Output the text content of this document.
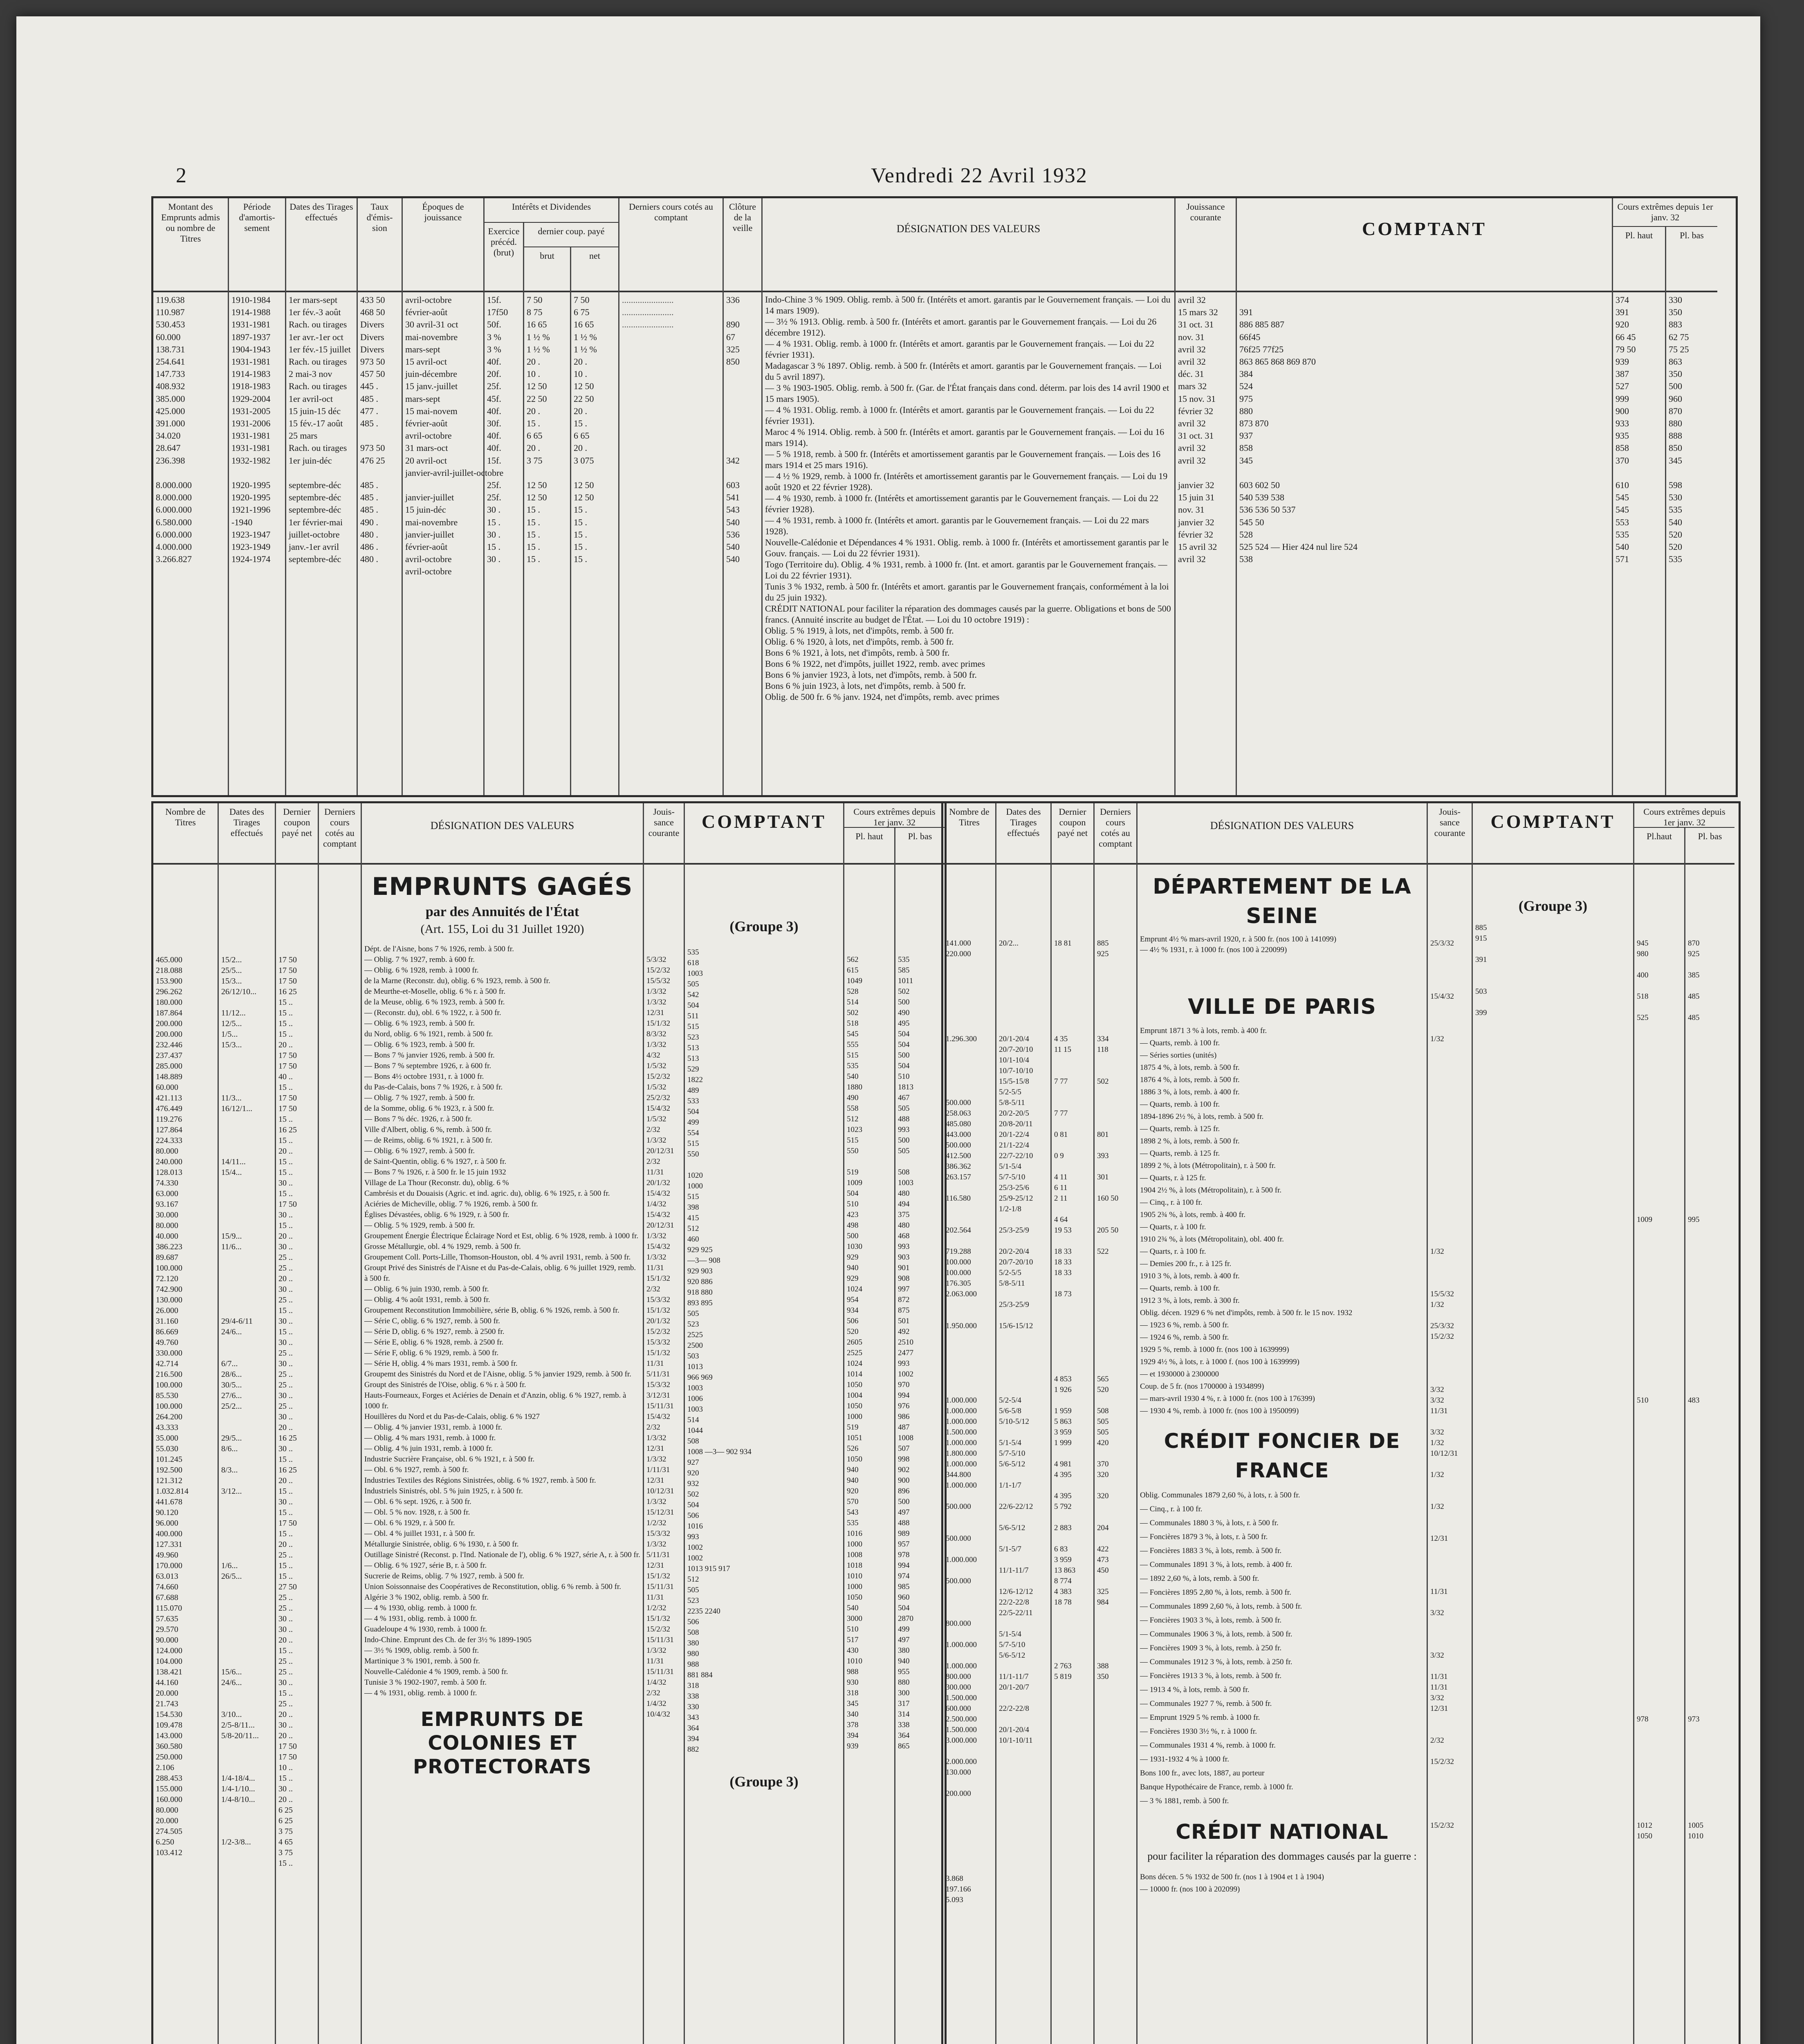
2	Vendredi 22 Avril 1932
Montant des Emprunts admis ou nombre de Titres
119.638
110.987
530.453
60.000
138.731
254.641
147.733
408.932
385.000
425.000
391.000
34.020
28.647
236.398

8.000.000
8.000.000
6.000.000
6.580.000
6.000.000
4.000.000
3.266.827
Période d'amortis-sement
1910-1984
1914-1988
1931-1981
1897-1937
1904-1943
1931-1981
1914-1983
1918-1983
1929-2004
1931-2005
1931-2006
1931-1981
1931-1981
1932-1982

1920-1995
1920-1995
1921-1996
-1940
1923-1947
1923-1949
1924-1974
Dates des Tirages effectués
1er mars-sept
1er fév.-3 août
Rach. ou tirages
1er avr.-1er oct
1er fév.-15 juillet
Rach. ou tirages
2 mai-3 nov
Rach. ou tirages
1er avril-oct
15 juin-15 déc
15 fév.-17 août
25 mars
Rach. ou tirages
1er juin-déc

septembre-déc
septembre-déc
septembre-déc
1er février-mai
juillet-octobre
janv.-1er avril
septembre-déc
Taux d'émis-sion
433 50
468 50
Divers
Divers
Divers
973 50
457 50
445 .
485 .
477 .
485 .

973 50
476 25

485 .
485 .
485 .
490 .
480 .
486 .
480 .
Époques de jouissance
avril-octobre
février-août
30 avril-31 oct
mai-novembre
mars-sept
15 avril-oct
juin-décembre
15 janv.-juillet
mars-sept
15 mai-novem
février-août
avril-octobre
31 mars-oct
20 avril-oct
janvier-avril-juillet-octobre

janvier-juillet
15 juin-déc
mai-novembre
janvier-juillet
février-août
avril-octobre
avril-octobre
Intérêts et Dividendes
Exercice précéd. (brut)
15f.
17f50
50f.
3 %
3 %
40f.
20f.
25f.
45f.
40f.
30f.
40f.
40f.
15f.

25f.
25f.
30 .
15 .
30 .
15 .
30 .
dernier coup. payé
brut
7 50
8 75
16 65
1 ½ %
1 ½ %
20 .
10 .
12 50
22 50
20 .
15 .
6 65
20 .
3 75

12 50
12 50
15 .
15 .
15 .
15 .
15 .
net
7 50
6 75
16 65
1 ½ %
1 ½ %
20 .
10 .
12 50
22 50
20 .
15 .
6 65
20 .
3 075

12 50
12 50
15 .
15 .
15 .
15 .
15 .
Derniers cours cotés au comptant
.......................
.......................
.......................
Clôture de la veille
336

890
67
325
850

342

603
541
543
540
536
540
540
DÉSIGNATION DES VALEURS
Indo-Chine 3 % 1909. Oblig. remb. à 500 fr. (Intérêts et amort. garantis par le Gouvernement français. — Loi du 14 mars 1909).
— 3½ % 1913. Oblig. remb. à 500 fr. (Intérêts et amort. garantis par le Gouvernement français. — Loi du 26 décembre 1912).
— 4 % 1931. Oblig. remb. à 1000 fr. (Intérêts et amort. garantis par le Gouvernement français. — Loi du 22 février 1931).
Madagascar 3 % 1897. Oblig. remb. à 500 fr. (Intérêts et amort. garantis par le Gouvernement français. — Loi du 5 avril 1897).
— 3 % 1903-1905. Oblig. remb. à 500 fr. (Gar. de l'État français dans cond. déterm. par lois des 14 avril 1900 et 15 mars 1905).
— 4 % 1931. Oblig. remb. à 1000 fr. (Intérêts et amort. garantis par le Gouvernement français. — Loi du 22 février 1931).
Maroc 4 % 1914. Oblig. remb. à 500 fr. (Intérêts et amort. garantis par le Gouvernement français. — Loi du 16 mars 1914).
— 5 % 1918, remb. à 500 fr. (Intérêts et amortissement garantis par le Gouvernement français. — Lois des 16 mars 1914 et 25 mars 1916).
— 4 ½ % 1929, remb. à 1000 fr. (Intérêts et amortissement garantis par le Gouvernement français. — Loi du 19 août 1920 et 22 février 1928).
— 4 % 1930, remb. à 1000 fr. (Intérêts et amortissement garantis par le Gouvernement français. — Loi du 22 février 1928).
— 4 % 1931, remb. à 1000 fr. (Intérêts et amort. garantis par le Gouvernement français. — Loi du 22 mars 1928).
Nouvelle-Calédonie et Dépendances 4 % 1931. Oblig. remb. à 1000 fr. (Intérêts et amortissement garantis par le Gouv. français. — Loi du 22 février 1931).
Togo (Territoire du). Oblig. 4 % 1931, remb. à 1000 fr. (Int. et amort. garantis par le Gouvernement français. — Loi du 22 février 1931).
Tunis 3 % 1932, remb. à 500 fr. (Intérêts et amort. garantis par le Gouvernement français, conformément à la loi du 25 juin 1932).
CRÉDIT NATIONAL pour faciliter la réparation des dommages causés par la guerre. Obligations et bons de 500 francs. (Annuité inscrite au budget de l'État. — Loi du 10 octobre 1919) :
Oblig. 5 % 1919, à lots, net d'impôts, remb. à 500 fr.
Oblig. 6 % 1920, à lots, net d'impôts, remb. à 500 fr.
Bons 6 % 1921, à lots, net d'impôts, remb. à 500 fr.
Bons 6 % 1922, net d'impôts, juillet 1922, remb. avec primes
Bons 6 % janvier 1923, à lots, net d'impôts, remb. à 500 fr.
Bons 6 % juin 1923, à lots, net d'impôts, remb. à 500 fr.
Oblig. de 500 fr. 6 % janv. 1924, net d'impôts, remb. avec primes
Jouissance courante
avril 32
15 mars 32
31 oct. 31
nov. 31
avril 32
avril 32
déc. 31
mars 32
15 nov. 31
février 32
avril 32
31 oct. 31
avril 32
avril 32

janvier 32
15 juin 31
nov. 31
janvier 32
février 32
15 avril 32
avril 32
COMPTANT

391
886 885 887
66f45
76f25 77f25
863 865 868 869 870
384
524
975
880
873 870
937
858
345

603 602 50
540 539 538
536 536 50 537
545 50
528
525 524 — Hier 424 nul lire 524
538
Cours extrêmes depuis 1er janv. 32
Pl. haut
374
391
920
66 45
79 50
939
387
527
999
900
933
935
858
370

610
545
545
553
535
540
571
Pl. bas
330
350
883
62 75
75 25
863
350
500
960
870
880
888
850
345

598
530
535
540
520
520
535
Nombre de Titres
465.000
218.088
153.900
296.262
180.000
187.864
200.000
200.000
232.446
237.437
285.000
148.889
60.000
421.113
476.449
119.276
127.864
224.333
80.000
240.000
128.013
74.330
63.000
93.167
30.000
80.000
40.000
386.223
89.687
100.000
72.120
742.900
130.000
26.000
31.160
86.669
49.760
330.000
42.714
216.500
100.000
85.530
100.000
264.200
43.333
35.000
55.030
101.245
192.500
121.312
1.032.814
441.678
90.120
96.000
400.000
127.331
49.960
170.000
63.013
74.660
67.688
115.070
57.635
29.570
90.000
124.000
104.000
138.421
44.160
20.000
21.743
154.530
109.478
143.000
360.580
250.000
2.106
288.453
155.000
160.000
80.000
20.000
274.505
6.250
103.412
Dates des Tirages effectués
15/2...
25/5...
15/3...
26/12/10...

11/12...
12/5...
1/5...
15/3...

11/3...
16/12/1...

14/11...
15/4...

15/9...
11/6...

29/4-6/11
24/6...

6/7...
28/6...
30/5...
27/6...
25/2...

29/5...
8/6...

8/3...

3/12...

1/6...
26/5...

15/6...
24/6...

3/10...
2/5-8/11...
5/8-20/11...

1/4-18/4...
1/4-1/10...
1/4-8/10...

1/2-3/8...

Dernier coupon payé net
17 50
17 50
17 50
16 25
15 ..
15 ..
15 ..
15 ..
20 ..
17 50
17 50
40 ..
15 ..
17 50
17 50
15 ..
16 25
15 ..
20 ..
15 ..
15 ..
30 ..
15 ..
17 50
30 ..
15 ..
20 ..
30 ..
25 ..
25 ..
20 ..
30 ..
25 ..
15 ..
30 ..
15 ..
30 ..
25 ..
30 ..
25 ..
25 ..
30 ..
25 ..
30 ..
20 ..
16 25
30 ..
15 ..
16 25
20 ..
15 ..
30 ..
15 ..
17 50
15 ..
20 ..
25 ..
15 ..
15 ..
27 50
25 ..
25 ..
30 ..
30 ..
20 ..
15 ..
25 ..
25 ..
30 ..
15 ..
25 ..
20 ..
30 ..
20 ..
17 50
17 50
10 ..
15 ..
30 ..
20 ..
6 25
6 25
3 75
4 65
3 75
15 ..
Derniers cours cotés au comptant
DÉSIGNATION DES VALEURS
EMPRUNTS GAGÉS
par des Annuités de l'État
(Art. 155, Loi du 31 Juillet 1920)
Dépt. de l'Aisne, bons 7 % 1926, remb. à 500 fr.
— Oblig. 7 % 1927, remb. à 600 fr.
— Oblig. 6 % 1928, remb. à 1000 fr.
de la Marne (Reconstr. du), oblig. 6 % 1923, remb. à 500 fr.
de Meurthe-et-Moselle, oblig. 6 % r. à 500 fr.
de la Meuse, oblig. 6 % 1923, remb. à 500 fr.
— (Reconstr. du), obl. 6 % 1922, r. à 500 fr.
— Oblig. 6 % 1923, remb. à 500 fr.
du Nord, oblig. 6 % 1921, remb. à 500 fr.
— Oblig. 6 % 1923, remb. à 500 fr.
— Bons 7 % janvier 1926, remb. à 500 fr.
— Bons 7 % septembre 1926, r. à 600 fr.
— Bons 4½ octobre 1931, r. à 1000 fr.
du Pas-de-Calais, bons 7 % 1926, r. à 500 fr.
— Oblig. 7 % 1927, remb. à 500 fr.
de la Somme, oblig. 6 % 1923, r. à 500 fr.
— Bons 7 % déc. 1926, r. à 500 fr.
Ville d'Albert, oblig. 6 %, remb. à 500 fr.
— de Reims, oblig. 6 % 1921, r. à 500 fr.
— Oblig. 6 % 1927, remb. à 500 fr.
de Saint-Quentin, oblig. 6 % 1927, r. à 500 fr.
— Bons 7 % 1926, r. à 500 fr. le 15 juin 1932
Village de La Thour (Reconstr. du), oblig. 6 %
Cambrésis et du Douaisis (Agric. et ind. agric. du), oblig. 6 % 1925, r. à 500 fr.
Aciéries de Micheville, oblig. 7 % 1926, remb. à 500 fr.
Églises Dévastées, oblig. 6 % 1929, r. à 500 fr.
— Oblig. 5 % 1929, remb. à 500 fr.
Groupement Énergie Électrique Éclairage Nord et Est, oblig. 6 % 1928, remb. à 1000 fr.
Grosse Métallurgie, obl. 4 % 1929, remb. à 500 fr.
Groupement Coll. Ports-Lille, Thomson-Houston, obl. 4 % avril 1931, remb. à 500 fr.
Groupt Privé des Sinistrés de l'Aisne et du Pas-de-Calais, oblig. 6 % juillet 1929, remb. à 500 fr.
— Oblig. 6 % juin 1930, remb. à 500 fr.
— Oblig. 4 % août 1931, remb. à 500 fr.
Groupement Reconstitution Immobilière, série B, oblig. 6 % 1926, remb. à 500 fr.
— Série C, oblig. 6 % 1927, remb. à 500 fr.
— Série D, oblig. 6 % 1927, remb. à 2500 fr.
— Série E, oblig. 6 % 1928, remb. à 2500 fr.
— Série F, oblig. 6 % 1929, remb. à 500 fr.
— Série H, oblig. 4 % mars 1931, remb. à 500 fr.
Groupemt des Sinistrés du Nord et de l'Aisne, oblig. 5 % janvier 1929, remb. à 500 fr.
Groupt des Sinistrés de l'Oise, oblig. 6 % r. à 500 fr.
Hauts-Fourneaux, Forges et Aciéries de Denain et d'Anzin, oblig. 6 % 1927, remb. à 1000 fr.
Houillères du Nord et du Pas-de-Calais, oblig. 6 % 1927
— Oblig. 4 % janvier 1931, remb. à 1000 fr.
— Oblig. 4 % mars 1931, remb. à 1000 fr.
— Oblig. 4 % juin 1931, remb. à 1000 fr.
Industrie Sucrière Française, obl. 6 % 1921, r. à 500 fr.
— Obl. 6 % 1927, remb. à 500 fr.
Industries Textiles des Régions Sinistrées, oblig. 6 % 1927, remb. à 500 fr.
Industriels Sinistrés, obl. 5 % juin 1925, r. à 500 fr.
— Obl. 6 % sept. 1926, r. à 500 fr.
— Obl. 5 % nov. 1928, r. à 500 fr.
— Obl. 6 % 1929, r. à 500 fr.
— Obl. 4 % juillet 1931, r. à 500 fr.
Métallurgie Sinistrée, oblig. 6 % 1930, r. à 500 fr.
Outillage Sinistré (Reconst. p. l'Ind. Nationale de l'), oblig. 6 % 1927, série A, r. à 500 fr.
— Oblig. 6 % 1927, série B, r. à 500 fr.
Sucrerie de Reims, oblig. 7 % 1927, remb. à 500 fr.
Union Soissonnaise des Coopératives de Reconstitution, oblig. 6 % remb. à 500 fr.
Algérie 3 % 1902, oblig. remb. à 500 fr.
— 4 % 1930, oblig. remb. à 1000 fr.
— 4 % 1931, oblig. remb. à 1000 fr.
Guadeloupe 4 % 1930, remb. à 1000 fr.
Indo-Chine. Emprunt des Ch. de fer 3½ % 1899-1905
— 3½ % 1909, oblig. remb. à 500 fr.
Martinique 3 % 1901, remb. à 500 fr.
Nouvelle-Calédonie 4 % 1909, remb. à 500 fr.
Tunisie 3 % 1902-1907, remb. à 500 fr.
— 4 % 1931, oblig. remb. à 1000 fr.
EMPRUNTS DE COLONIES ET PROTECTORATS
Jouis-sance courante
5/3/32
15/2/32
15/5/32
1/3/32
1/3/32
12/31
15/1/32
8/3/32
1/3/32
4/32
1/5/32
15/2/32
1/5/32
25/2/32
15/4/32
1/5/32
2/32
1/3/32
20/12/31
2/32
11/31
20/1/32
15/4/32
1/4/32
15/4/32
20/12/31
1/3/32
15/4/32
1/3/32
11/31
15/1/32
2/32
15/3/32
15/1/32
20/1/32
15/2/32
15/3/32
15/1/32
11/31
5/11/31
15/3/32
3/12/31
15/11/31
15/4/32
2/32
1/3/32
12/31
1/3/32
1/11/31
12/31
10/12/31
1/3/32
15/12/31
1/2/32
15/3/32
1/3/32
5/11/31
12/31
15/1/32
15/11/31
11/31
1/2/32
15/1/32
15/2/32
15/11/31
1/3/32
11/31
15/11/31
1/4/32
2/32
1/4/32
10/4/32
COMPTANT
(Groupe 3)
535
618
1003
505
542
504
511
515
523
513
513
529
1822
489
533
504
499
554
515
550

1020
1000
515
398
415
512
460
929 925
—3— 908
929 903
920 886
918 880
893 895
505
523
2525
2500
503
1013
966 969
1003
1006
1003
514
1044
508
1008 —3— 902 934
927
920
932
502
504
506
1016
993
1002
1002
1013 915 917
512
505
523
2235 2240
506
508
380
980
988
881 884
318
338
330
343
364
394
882
(Groupe 3)
Cours extrêmes depuis 1er janv. 32
Pl. haut
562
615
1049
528
514
502
518
545
555
515
535
540
1880
490
558
512
1023
515
550

519
1009
504
510
423
498
500
1030
929
940
929
1024
954
934
506
520
2605
2525
1024
1014
1050
1004
1050
1000
519
1051
526
1050
940
940
920
570
543
535
1016
1000
1008
1018
1010
1000
1050
540
3000
510
517
430
1010
988
930
318
345
340
378
394
939
Pl. bas
535
585
1011
502
500
490
495
504
504
500
504
510
1813
467
505
488
993
500
505

508
1003
480
494
375
480
468
993
903
901
908
997
872
875
501
492
2510
2477
993
1002
970
994
976
986
487
1008
507
998
902
900
896
500
497
488
989
957
978
994
974
985
960
504
2870
499
497
380
940
955
880
300
317
314
338
364
865
Nombre de Titres
141.000
220.000

1.296.300

500.000
258.063
485.080
443.000
500.000
412.500
386.362
263.157

116.580

202.564

719.288
100.000
100.000
176.305
2.063.000

1.950.000

1.000.000
1.000.000
1.000.000
1.500.000
1.000.000
1.800.000
1.000.000
344.800
1.000.000

500.000

500.000

1.000.000

500.000

800.000

1.000.000

1.000.000
800.000
300.000
1.500.000
600.000
2.500.000
1.500.000
3.000.000

2.000.000
130.000

200.000

3.868
197.166
5.093
Dates des Tirages effectués
20/2...

20/1-20/4
20/7-20/10
10/1-10/4
10/7-10/10
15/5-15/8
5/2-5/5
5/8-5/11
20/2-20/5
20/8-20/11
20/1-22/4
21/1-22/4
22/7-22/10
5/1-5/4
5/7-5/10
25/3-25/6
25/9-25/12
1/2-1/8

25/3-25/9

20/2-20/4
20/7-20/10
5/2-5/5
5/8-5/11

25/3-25/9

15/6-15/12

5/2-5/4
5/6-5/8
5/10-5/12

5/1-5/4
5/7-5/10
5/6-5/12

1/1-1/7

22/6-22/12

5/6-5/12

5/1-5/7

11/1-11/7

12/6-12/12
22/2-22/8
22/5-22/11

5/1-5/4
5/7-5/10
5/6-5/12

11/1-11/7
20/1-20/7

22/2-22/8

20/1-20/4
10/1-10/11

Dernier coupon payé net
18 81

4 35
11 15

7 77

7 77

0 81

0 9

4 11
6 11
2 11

4 64
19 53

18 33
18 33
18 33

18 73

4 853
1 926

1 959
5 863
3 959
1 999

4 981
4 395

4 395
5 792

2 883

6 83
3 959
13 863
8 774
4 383
18 78

2 763
5 819

Derniers cours cotés au comptant
885
925

334
118

502

801

393

301

160 50

205 50

522

565
520

508
505
505
420

370
320

320

204

422
473
450

325
984

388
350

DÉSIGNATION DES VALEURS
DÉPARTEMENT DE LA SEINE
Emprunt 4½ % mars-avril 1920, r. à 500 fr. (nos 100 à 141099)
— 4½ % 1931, r. à 1000 fr. (nos 100 à 220099)
VILLE DE PARIS
Emprunt 1871 3 % à lots, remb. à 400 fr.
— Quarts, remb. à 100 fr.
— Séries sorties (unités)
1875 4 %, à lots, remb. à 500 fr.
1876 4 %, à lots, remb. à 500 fr.
1886 3 %, à lots, remb. à 400 fr.
— Quarts, remb. à 100 fr.
1894-1896 2½ %, à lots, remb. à 500 fr.
— Quarts, remb. à 125 fr.
1898 2 %, à lots, remb. à 500 fr.
— Quarts, remb. à 125 fr.
1899 2 %, à lots (Métropolitain), r. à 500 fr.
— Quarts, r. à 125 fr.
1904 2½ %, à lots (Métropolitain), r. à 500 fr.
— Cinq., r. à 100 fr.
1905 2¾ %, à lots, remb. à 400 fr.
— Quarts, r. à 100 fr.
1910 2¾ %, à lots (Métropolitain), obl. 400 fr.
— Quarts, r. à 100 fr.
— Demies 200 fr., r. à 125 fr.
1910 3 %, à lots, remb. à 400 fr.
— Quarts, remb. à 100 fr.
1912 3 %, à lots, remb. à 300 fr.
Oblig. décen. 1929 6 % net d'impôts, remb. à 500 fr. le 15 nov. 1932
— 1923 6 %, remb. à 500 fr.
— 1924 6 %, remb. à 500 fr.
1929 5 %, remb. à 1000 fr. (nos 100 à 1639999)
1929 4½ %, à lots, r. à 1000 f. (nos 100 à 1639999)
— et 1930000 à 2300000
Coup. de 5 fr. (nos 1700000 à 1934899)
— mars-avril 1930 4 %, r. à 1000 fr. (nos 100 à 176399)
— 1930 4 %, remb. à 1000 fr. (nos 100 à 1950099)
CRÉDIT FONCIER DE FRANCE
Oblig. Communales 1879 2,60 %, à lots, r. à 500 fr.
— Cinq., r. à 100 fr.
— Communales 1880 3 %, à lots, r. à 500 fr.
— Foncières 1879 3 %, à lots, r. à 500 fr.
— Foncières 1883 3 %, à lots, remb. à 500 fr.
— Communales 1891 3 %, à lots, remb. à 400 fr.
— 1892 2,60 %, à lots, remb. à 500 fr.
— Foncières 1895 2,80 %, à lots, remb. à 500 fr.
— Communales 1899 2,60 %, à lots, remb. à 500 fr.
— Foncières 1903 3 %, à lots, remb. à 500 fr.
— Communales 1906 3 %, à lots, remb. à 500 fr.
— Foncières 1909 3 %, à lots, remb. à 250 fr.
— Communales 1912 3 %, à lots, remb. à 250 fr.
— Foncières 1913 3 %, à lots, remb. à 500 fr.
— 1913 4 %, à lots, remb. à 500 fr.
— Communales 1927 7 %, remb. à 500 fr.
— Emprunt 1929 5 % remb. à 1000 fr.
— Foncières 1930 3½ %, r. à 1000 fr.
— Communales 1931 4 %, remb. à 1000 fr.
— 1931-1932 4 % à 1000 fr.
Bons 100 fr., avec lots, 1887, au porteur
Banque Hypothécaire de France, remb. à 1000 fr.
— 3 % 1881, remb. à 500 fr.
CRÉDIT NATIONAL
pour faciliter la réparation des dommages causés par la guerre :
Bons décen. 5 % 1932 de 500 fr. (nos 1 à 1904 et 1 à 1904)
— 10000 fr. (nos 100 à 202099)
Jouis-sance courante
25/3/32

15/4/32

1/32

1/32

15/5/32
1/32

25/3/32
15/2/32

3/32
3/32
11/31

3/32
1/32
10/12/31

1/32

1/32

12/31

11/31

3/32

3/32

11/31
11/31
3/32
12/31

2/32

15/2/32

15/2/32

COMPTANT
(Groupe 3)
885
915

391

503

399

Cours extrêmes depuis 1er janv. 32
Pl.haut
945
980

400

518

525

1009

510

978

1012
1050
Pl. bas
870
925

385

485

485

995

483

973

1005
1010
